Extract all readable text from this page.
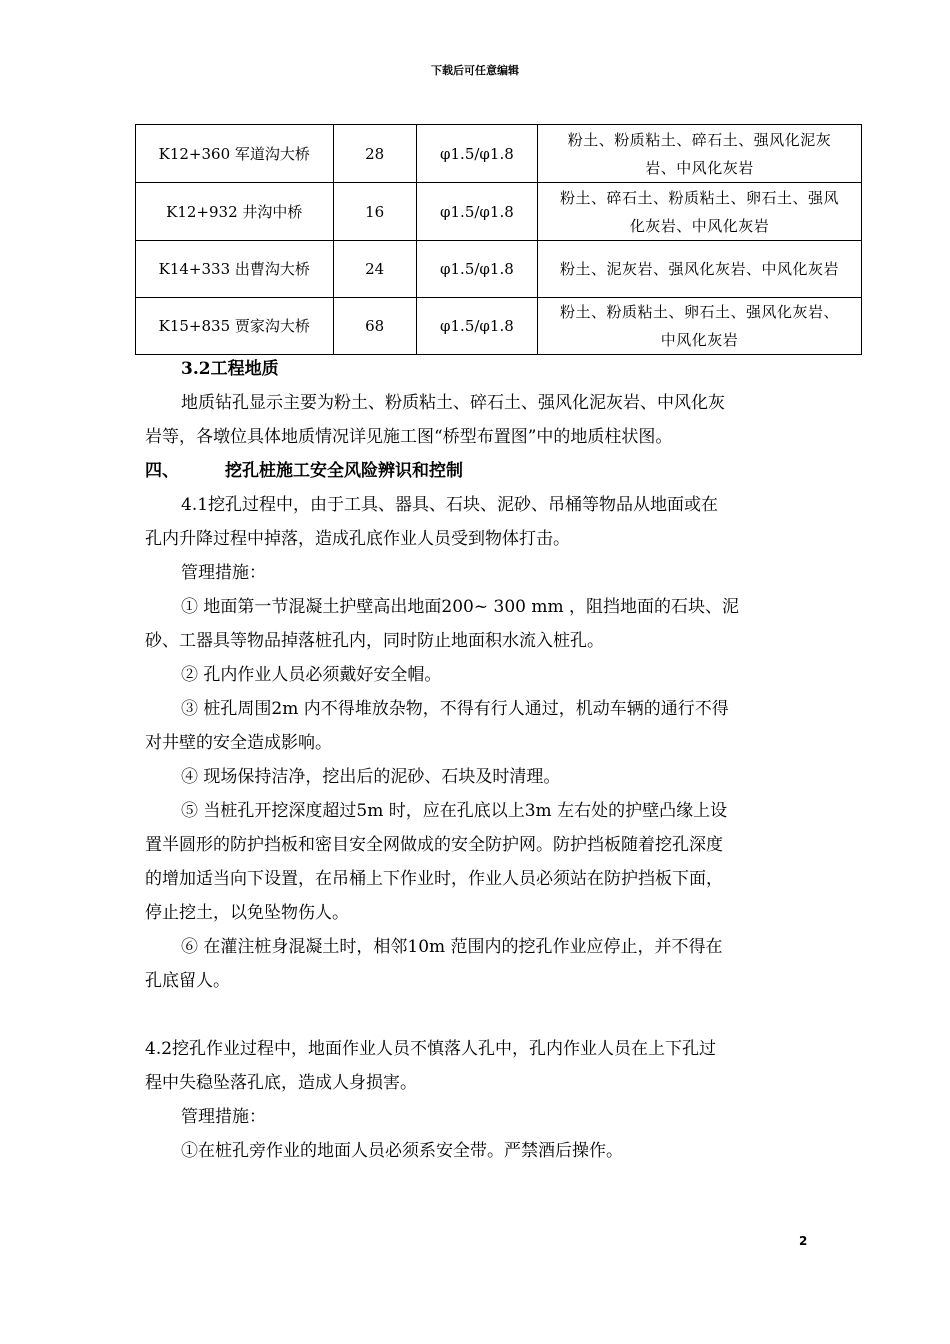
下载后可任意编辑
K12+360 军道沟大桥	28	φ1.5/φ1.8	粉土、粉质粘土、碎石土、强风化泥灰
岩、中风化灰岩

K12+932 井沟中桥	16	φ1.5/φ1.8	粉土、碎石土、粉质粘土、卵石土、强风
化灰岩、中风化灰岩

K14+333 出曹沟大桥	24	φ1.5/φ1.8	粉土、泥灰岩、强风化灰岩、中风化灰岩

K15+835 贾家沟大桥	68	φ1.5/φ1.8	粉土、粉质粘土、卵石土、强风化灰岩、
中风化灰岩

3.2工程地质

地质钻孔显示主要为粉土、粉质粘土、碎石土、强风化泥灰岩、中风化灰

岩等，各墩位具体地质情况详见施工图“桥型布置图”中的地质柱状图。

四、	挖孔桩施工安全风险辨识和控制

4.1挖孔过程中，由于工具、器具、石块、泥砂、吊桶等物品从地面或在

孔内升降过程中掉落，造成孔底作业人员受到物体打击。

管理措施：

① 地面第一节混凝土护壁高出地面200~ 300 mm ，阻挡地面的石块、泥

砂、工器具等物品掉落桩孔内，同时防止地面积水流入桩孔。

② 孔内作业人员必须戴好安全帽。

③ 桩孔周围2m 内不得堆放杂物，不得有行人通过，机动车辆的通行不得

对井壁的安全造成影响。

④ 现场保持洁净，挖出后的泥砂、石块及时清理。

⑤ 当桩孔开挖深度超过5m 时，应在孔底以上3m 左右处的护壁凸缘上设

置半圆形的防护挡板和密目安全网做成的安全防护网。防护挡板随着挖孔深度

的增加适当向下设置，在吊桶上下作业时，作业人员必须站在防护挡板下面，

停止挖土，以免坠物伤人。

⑥ 在灌注桩身混凝土时，相邻10m 范围内的挖孔作业应停止，并不得在

孔底留人。

4.2挖孔作业过程中，地面作业人员不慎落人孔中，孔内作业人员在上下孔过

程中失稳坠落孔底，造成人身损害。

管理措施：

①在桩孔旁作业的地面人员必须系安全带。严禁酒后操作。

2
